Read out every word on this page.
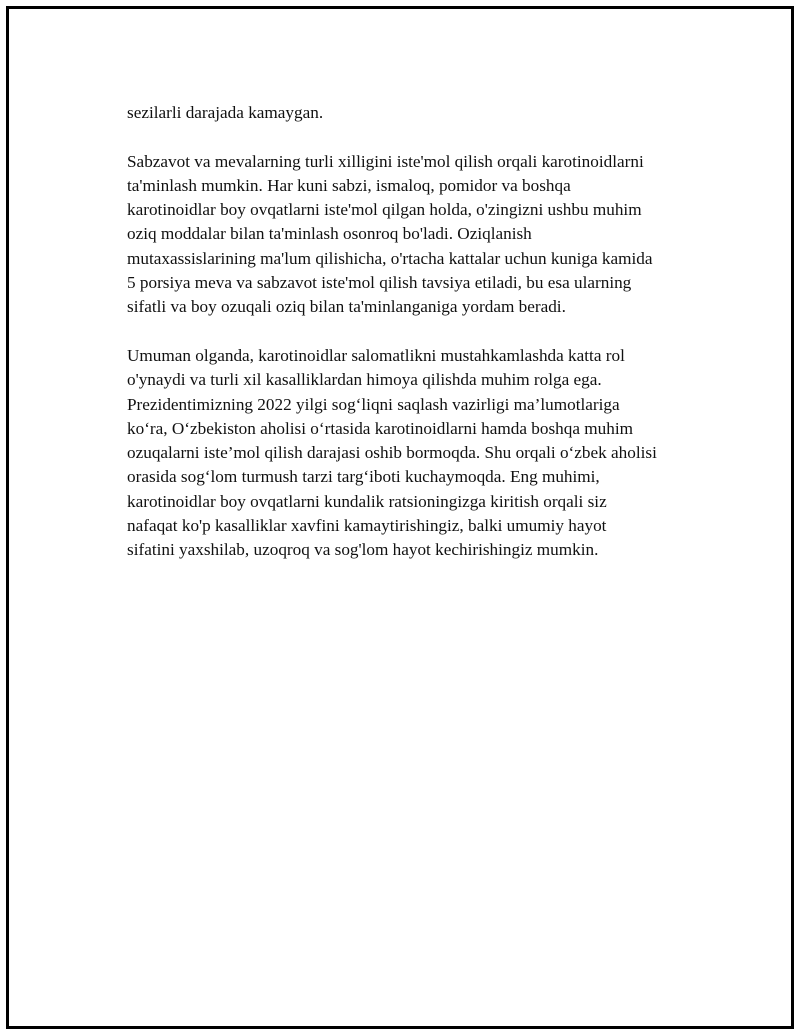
sezilarli darajada kamaygan.

Sabzavot va mevalarning turli xilligini iste'mol qilish orqali karotinoidlarni
ta'minlash mumkin. Har kuni sabzi, ismaloq, pomidor va boshqa
karotinoidlar boy ovqatlarni iste'mol qilgan holda, o'zingizni ushbu muhim
oziq moddalar bilan ta'minlash osonroq bo'ladi. Oziqlanish
mutaxassislarining ma'lum qilishicha, o'rtacha kattalar uchun kuniga kamida
5 porsiya meva va sabzavot iste'mol qilish tavsiya etiladi, bu esa ularning
sifatli va boy ozuqali oziq bilan ta'minlanganiga yordam beradi.

Umuman olganda, karotinoidlar salomatlikni mustahkamlashda katta rol
o'ynaydi va turli xil kasalliklardan himoya qilishda muhim rolga ega.
Prezidentimizning 2022 yilgi sog‘liqni saqlash vazirligi ma’lumotlariga
ko‘ra, O‘zbekiston aholisi o‘rtasida karotinoidlarni hamda boshqa muhim
ozuqalarni iste’mol qilish darajasi oshib bormoqda. Shu orqali o‘zbek aholisi
orasida sog‘lom turmush tarzi targ‘iboti kuchaymoqda. Eng muhimi,
karotinoidlar boy ovqatlarni kundalik ratsioningizga kiritish orqali siz
nafaqat ko'p kasalliklar xavfini kamaytirishingiz, balki umumiy hayot
sifatini yaxshilab, uzoqroq va sog'lom hayot kechirishingiz mumkin.
